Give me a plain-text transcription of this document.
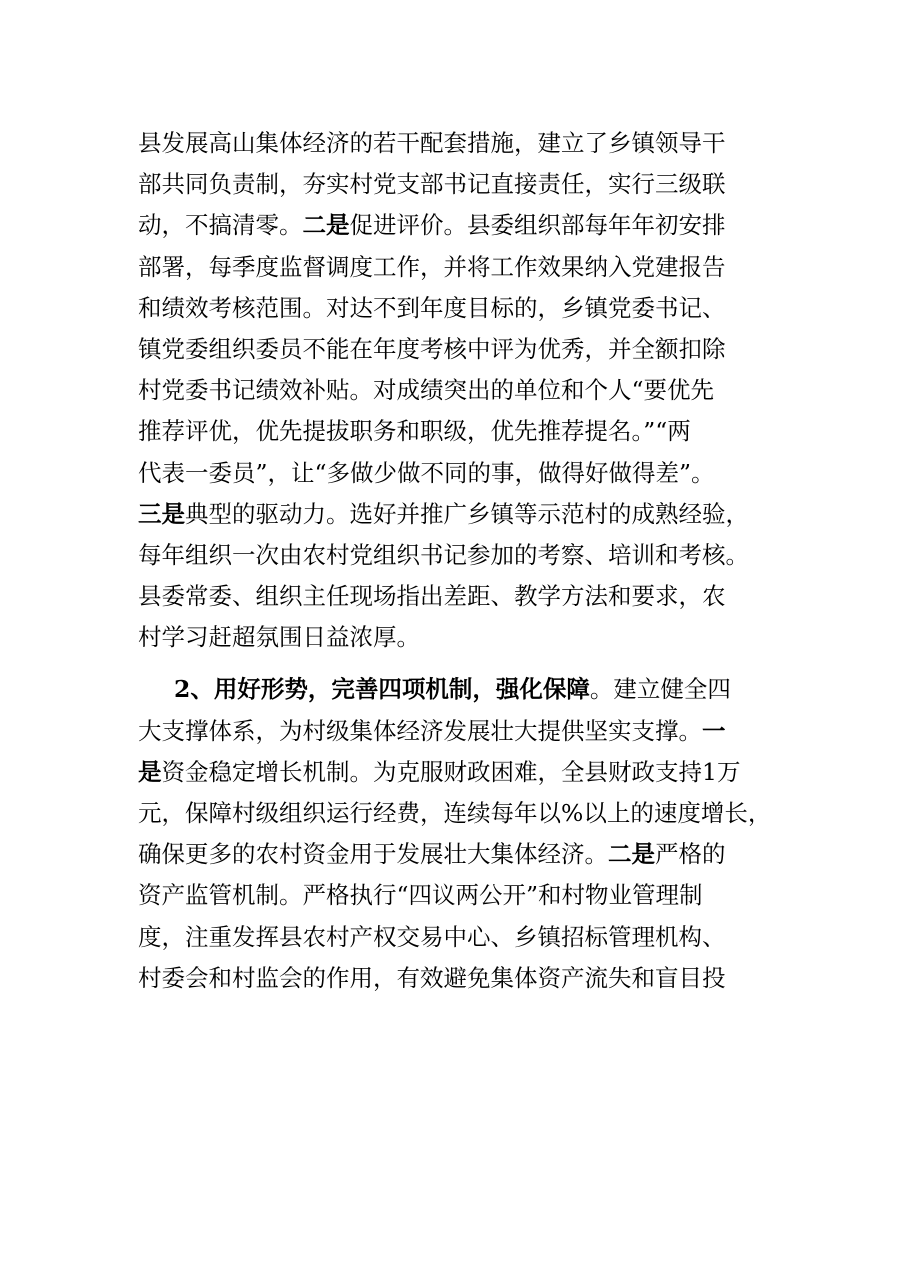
县发展高山集体经济的若干配套措施，建立了乡镇领导干
部共同负责制，夯实村党支部书记直接责任，实行三级联
动，不搞清零。二是促进评价。县委组织部每年年初安排
部署，每季度监督调度工作，并将工作效果纳入党建报告
和绩效考核范围。对达不到年度目标的，乡镇党委书记、
镇党委组织委员不能在年度考核中评为优秀，并全额扣除
村党委书记绩效补贴。对成绩突出的单位和个人“要优先
推荐评优，优先提拔职务和职级，优先推荐提名。”“两
代表一委员”，让“多做少做不同的事，做得好做得差”。
三是典型的驱动力。选好并推广乡镇等示范村的成熟经验，
每年组织一次由农村党组织书记参加的考察、培训和考核。
县委常委、组织主任现场指出差距、教学方法和要求，农
村学习赶超氛围日益浓厚。
2、用好形势，完善四项机制，强化保障。建立健全四
大支撑体系，为村级集体经济发展壮大提供坚实支撑。一
是资金稳定增长机制。为克服财政困难，全县财政支持1万
元，保障村级组织运行经费，连续每年以%以上的速度增长，
确保更多的农村资金用于发展壮大集体经济。二是严格的
资产监管机制。严格执行“四议两公开”和村物业管理制
度，注重发挥县农村产权交易中心、乡镇招标管理机构、
村委会和村监会的作用，有效避免集体资产流失和盲目投
